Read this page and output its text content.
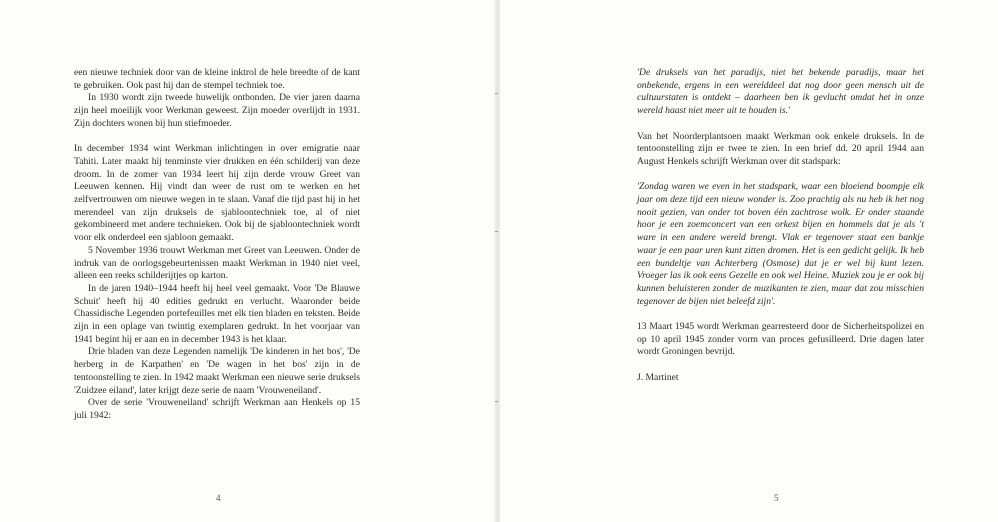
een nieuwe techniek door van de kleine inktrol de hele breedte of de kant te gebruiken. Ook past hij dan de stempel techniek toe.

In 1930 wordt zijn tweede huwelijk ontbonden. De vier jaren daarna zijn heel moeilijk voor Werkman geweest. Zijn moeder overlijdt in 1931. Zijn dochters wonen bij hun stiefmoeder.

In december 1934 wint Werkman inlichtingen in over emigratie naar Tahiti. Later maakt hij tenminste vier drukken en één schilderij van deze droom. In de zomer van 1934 leert hij zijn derde vrouw Greet van Leeuwen kennen. Hij vindt dan weer de rust om te werken en het zelfvertrouwen om nieuwe wegen in te slaan. Vanaf die tijd past hij in het merendeel van zijn druksels de sjabloontechniek toe, al of niet gekombineerd met andere technieken. Ook bij de sjabloontechniek wordt voor elk onderdeel een sjabloon gemaakt.

5 November 1936 trouwt Werkman met Greet van Leeuwen. Onder de indruk van de oorlogsgebeurtenissen maakt Werkman in 1940 niet veel, alleen een reeks schilderijtjes op karton.

In de jaren 1940–1944 heeft hij heel veel gemaakt. Voor 'De Blauwe Schuit' heeft hij 40 edities gedrukt en verlucht. Waaronder beide Chassidische Legenden portefeuilles met elk tien bladen en teksten. Beide zijn in een oplage van twintig exemplaren gedrukt. In het voorjaar van 1941 begint hij er aan en in december 1943 is het klaar.

Drie bladen van deze Legenden namelijk 'De kinderen in het bos', 'De herberg in de Karpathen' en 'De wagen in het bos' zijn in de tentoonstelling te zien. In 1942 maakt Werkman een nieuwe serie druksels 'Zuidzee eiland', later krijgt deze serie de naam 'Vrouweneiland'.

Over de serie 'Vrouweneiland' schrijft Werkman aan Henkels op 15 juli 1942:

4

'De druksels van het paradijs, niet het bekende paradijs, maar het onbekende, ergens in een werelddeel dat nog door geen mensch uit de cultuurstaten is ontdekt – daarheen ben ik gevlucht omdat het in onze wereld haast niet meer uit te houden is.'

Van het Noorderplantsoen maakt Werkman ook enkele druksels. In de tentoonstelling zijn er twee te zien. In een brief dd. 20 april 1944 aan August Henkels schrijft Werkman over dit stadspark:

'Zondag waren we even in het stadspark, waar een bloeiend boompje elk jaar om deze tijd een nieuw wonder is. Zoo prachtig als nu heb ik het nog nooit gezien, van onder tot boven één zachtrose wolk. Er onder staande hoor je een zoemconcert van een orkest bijen en hommels dat je als 't ware in een andere wereld brengt. Vlak er tegenover staat een bankje waar je een paar uren kunt zitten dromen. Het is een gedicht gelijk. Ik heb een bundeltje van Achterberg (Osmose) dat je er wel bij kunt lezen. Vroeger las ik ook eens Gezelle en ook wel Heine. Muziek zou je er ook bij kunnen beluisteren zonder de muzikanten te zien, maar dat zou misschien tegenover de bijen niet beleefd zijn'.

13 Maart 1945 wordt Werkman gearresteerd door de Sicherheitspolizei en op 10 april 1945 zonder vorm van proces gefusilleerd. Drie dagen later wordt Groningen bevrijd.

J. Martinet

5
